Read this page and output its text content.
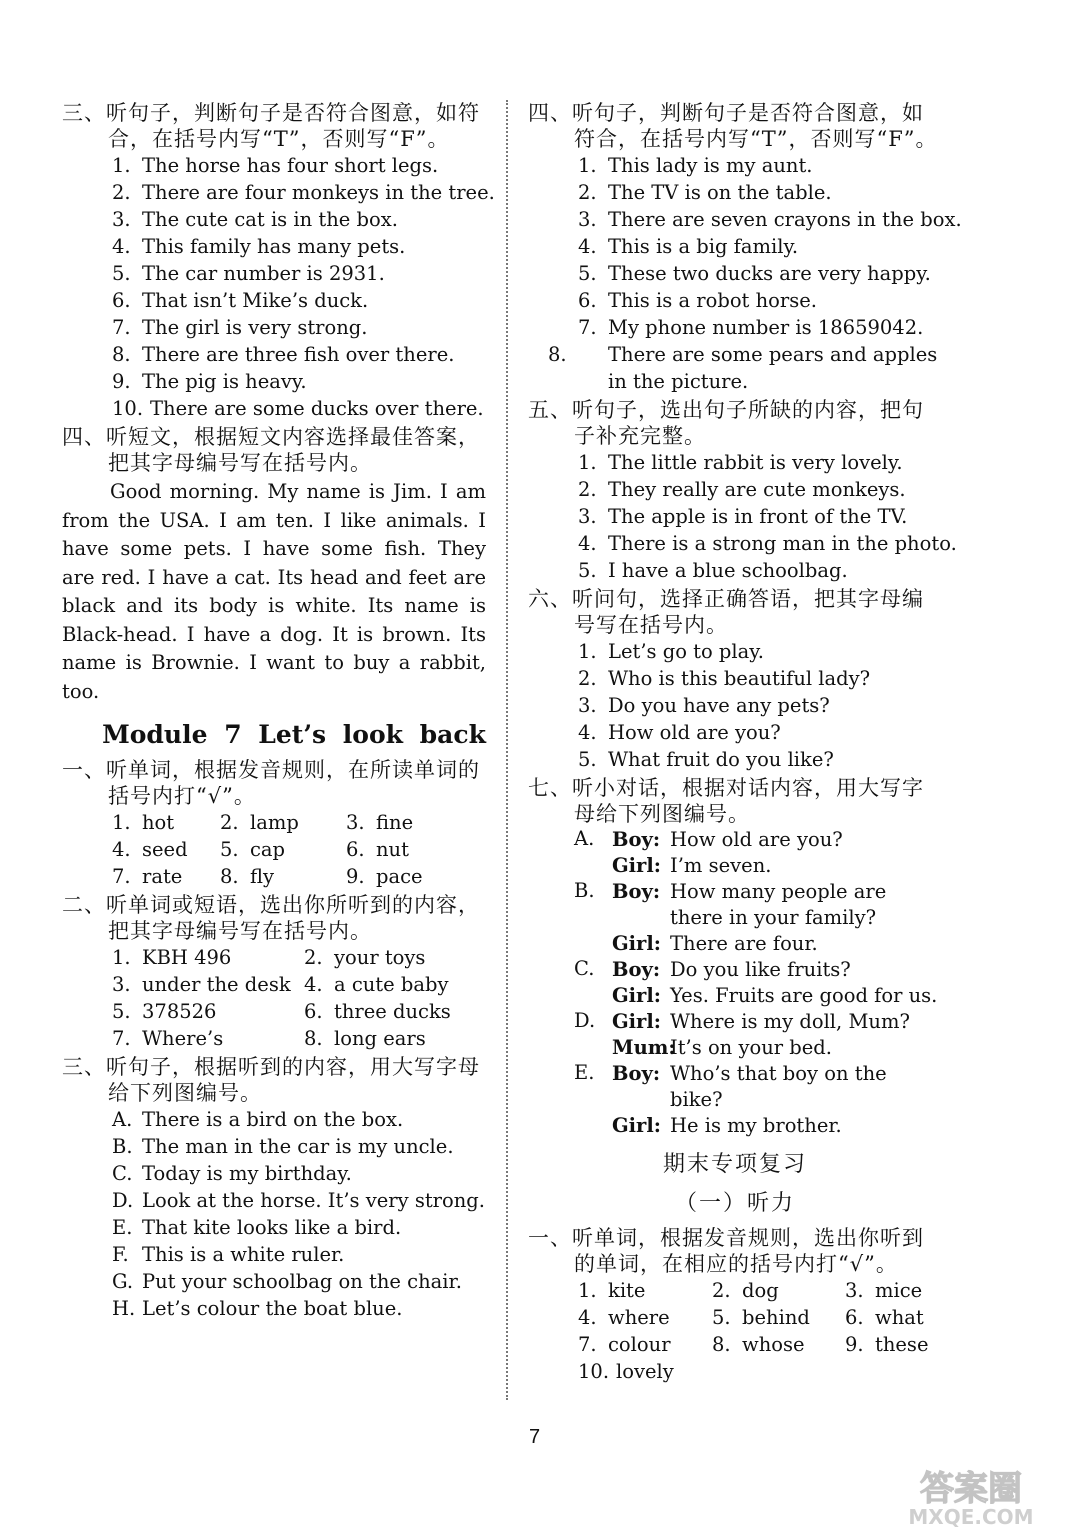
三、听句子，判断句子是否符合图意，如符合，在括号内写“T”，否则写“F”。
1. The horse has four short legs.
2. There are four monkeys in the tree.
3. The cute cat is in the box.
4. This family has many pets.
5. The car number is 2931.
6. That isn’t Mike’s duck.
7. The girl is very strong.
8. There are three fish over there.
9. The pig is heavy.
10. There are some ducks over there.
四、听短文，根据短文内容选择最佳答案，把其字母编号写在括号内。

Good morning. My name is Jim. I am from the USA. I am ten. I like animals. I have some pets. I have some fish. They are red. I have a cat. Its head and feet are black and its body is white. Its name is Black-head. I have a dog. It is brown. Its name is Brownie. I want to buy a rabbit, too.

Module 7 Let’s look back
一、听单词，根据发音规则，在所读单词的括号内打“√”。
1. hot	2. lamp	3. fine
4. seed	5. cap	6. nut
7. rate	8. fly	9. pace
二、听单词或短语，选出你所听到的内容，把其字母编号写在括号内。
1. KBH 496	2. your toys
3. under the desk 4. a cute baby
5. 378526	6. three ducks
7. Where’s	8. long ears
三、听句子，根据听到的内容，用大写字母给下列图编号。
A. There is a bird on the box.
B. The man in the car is my uncle.
C. Today is my birthday.
D. Look at the horse. It’s very strong.
E. That kite looks like a bird.
F. This is a white ruler.
G. Put your schoolbag on the chair.
H. Let’s colour the boat blue.
四、听句子，判断句子是否符合图意，如符合，在括号内写“T”，否则写“F”。
1. This lady is my aunt.
2. The TV is on the table.
3. There are seven crayons in the box.
4. This is a big family.
5. These two ducks are very happy.
6. This is a robot horse.
7. My phone number is 18659042.
8. There are some pears and apples in the picture.
五、听句子，选出句子所缺的内容，把句子补充完整。
1. The little rabbit is very lovely.
2. They really are cute monkeys.
3. The apple is in front of the TV.
4. There is a strong man in the photo.
5. I have a blue schoolbag.
六、听问句，选择正确答语，把其字母编号写在括号内。
1. Let’s go to play.
2. Who is this beautiful lady?
3. Do you have any pets?
4. How old are you?
5. What fruit do you like?
七、听小对话，根据对话内容，用大写字母给下列图编号。
A. Boy: How old are you?
Girl: I’m seven.
B. Boy: How many people are there in your family?
Girl: There are four.
C. Boy: Do you like fruits?
Girl: Yes. Fruits are good for us.
D. Girl: Where is my doll, Mum?
Mum:
It’s on your bed.
E. Boy: Who’s that boy on the bike?
Girl: He is my brother.
期末专项复习
（一）听力
一、听单词，根据发音规则，选出你听到的单词，在相应的括号内打“√”。
1. kite	2. dog	3. mice
4. where	5. behind	6. what
7. colour	8. whose	9. these
10. lovely
7
答案圈
MXQE.COM
